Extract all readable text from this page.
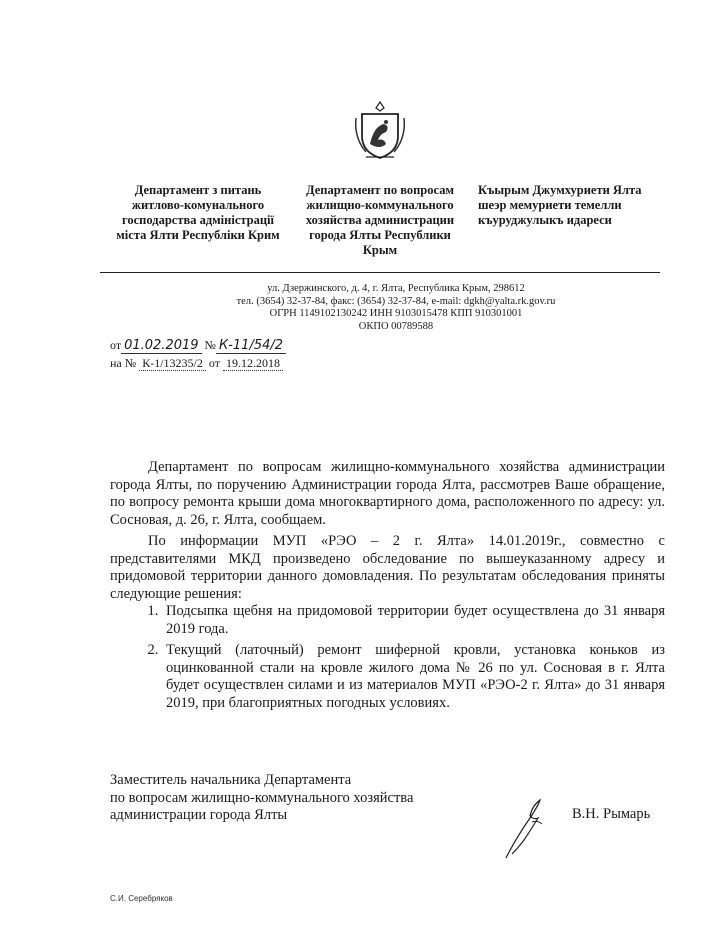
Департамент з питань житлово-комунального господарства адміністрації міста Ялти Республіки Крим
Департамент по вопросам жилищно-коммунального хозяйства администрации города Ялты Республики Крым
Къырым Джумхуриети Ялта шеэр мемуриети темелли къуруджулыкъ идареси
ул. Дзержинского, д. 4, г. Ялта, Республика Крым, 298612
тел. (3654) 32-37-84, факс: (3654) 32-37-84, e-mail: dgkh@yalta.rk.gov.ru
ОГРН 1149102130242 ИНН 9103015478 КПП 910301001
ОКПО 00789588
от 01.02.2019 № К-11/54/2
на № К-1/13235/2 от 19.12.2018

Департамент по вопросам жилищно-коммунального хозяйства администрации города Ялты, по поручению Администрации города Ялта, рассмотрев Ваше обращение, по вопросу ремонта крыши дома многоквартирного дома, расположенного по адресу: ул. Сосновая, д. 26, г. Ялта, сообщаем.

По информации МУП «РЭО – 2 г. Ялта» 14.01.2019г., совместно с представителями МКД произведено обследование по вышеуказанному адресу и придомовой территории данного домовладения. По результатам обследования приняты следующие решения:

1. Подсыпка щебня на придомовой территории будет осуществлена до 31 января 2019 года.
2. Текущий (латочный) ремонт шиферной кровли, установка коньков из оцинкованной стали на кровле жилого дома № 26 по ул. Сосновая в г. Ялта будет осуществлен силами и из материалов МУП «РЭО-2 г. Ялта» до 31 января 2019, при благоприятных погодных условиях.
Заместитель начальника Департамента
по вопросам жилищно-коммунального хозяйства
администрации города Ялты	В.Н. Рымарь
С.И. Серебряков
